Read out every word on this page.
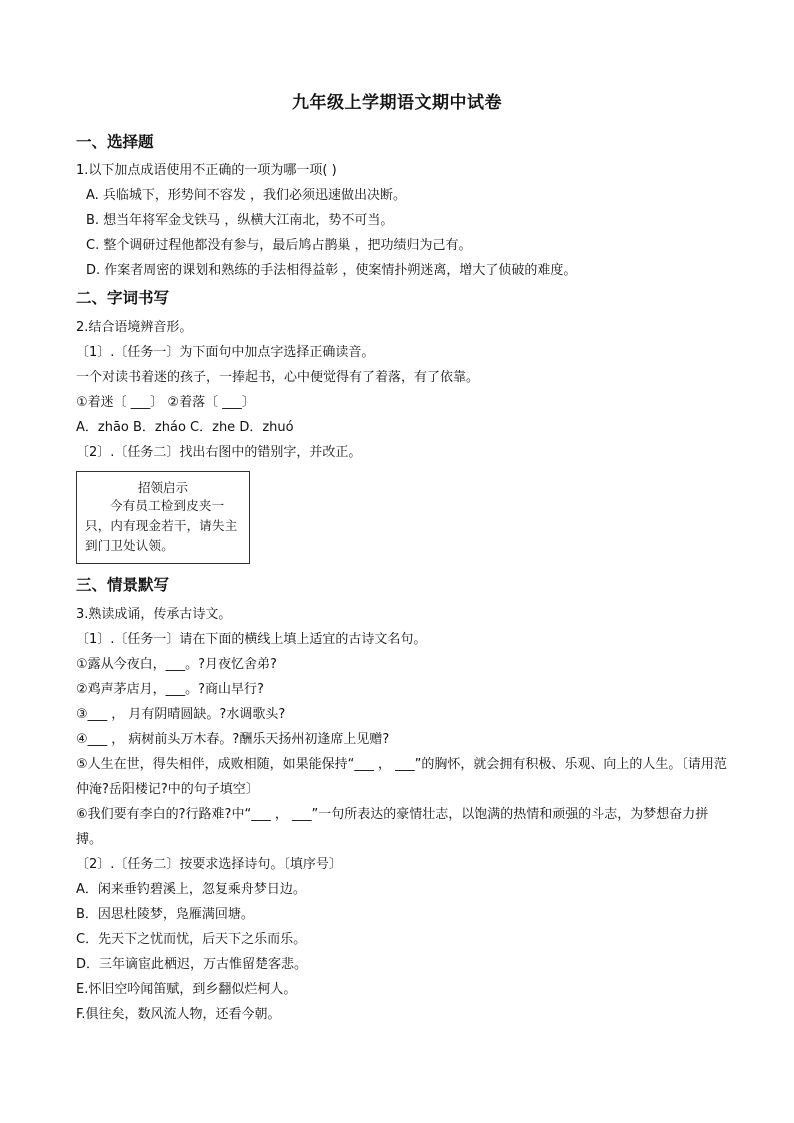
九年级上学期语文期中试卷
一、选择题
1.以下加点成语使用不正确的一项为哪一项( )
A. 兵临城下，形势间不容发 ，我们必须迅速做出决断。
B. 想当年将军金戈铁马 ，纵横大江南北，势不可当。
C. 整个调研过程他都没有参与，最后鸠占鹊巢 ，把功绩归为己有。
D. 作案者周密的课划和熟练的手法相得益彰 ，使案情扑朔迷离，增大了侦破的难度。
二、字词书写
2.结合语境辨音形。
〔1〕.〔任务一〕为下面句中加点字选择正确读音。
一个对读书着迷的孩子，一捧起书，心中便觉得有了着落，有了依靠。
①着迷〔 ___〕 ②着落〔 ___〕
A．zhāo B．zháo C．zhe D．zhuó
〔2〕.〔任务二〕找出右图中的错别字，并改正。
招领启示
今有员工检到皮夹一只，内有现金若干，请失主到门卫处认领。
三、情景默写
3.熟读成诵，传承古诗文。
〔1〕.〔任务一〕请在下面的横线上填上适宜的古诗文名句。
①露从今夜白，___。?月夜忆舍弟?
②鸡声茅店月，___。?商山早行?
③___ ， 月有阴晴圆缺。?水调歌头?
④___ ， 病树前头万木春。?酬乐天扬州初逢席上见赠?
⑤人生在世，得失相伴，成败相随，如果能保持“___ ， ___”的胸怀，就会拥有积极、乐观、向上的人生。〔请用范仲淹?岳阳楼记?中的句子填空〕
⑥我们要有李白的?行路难?中“___ ， ___”一句所表达的豪情壮志，以饱满的热情和顽强的斗志，为梦想奋力拼搏。
〔2〕.〔任务二〕按要求选择诗句。〔填序号〕
A．闲来垂钓碧溪上，忽复乘舟梦日边。
B．因思杜陵梦，凫雁满回塘。
C．先天下之忧而忧，后天下之乐而乐。
D．三年谪宦此栖迟，万古惟留楚客悲。
E.怀旧空吟闻笛赋，到乡翻似烂柯人。
F.俱往矣，数风流人物，还看今朝。
